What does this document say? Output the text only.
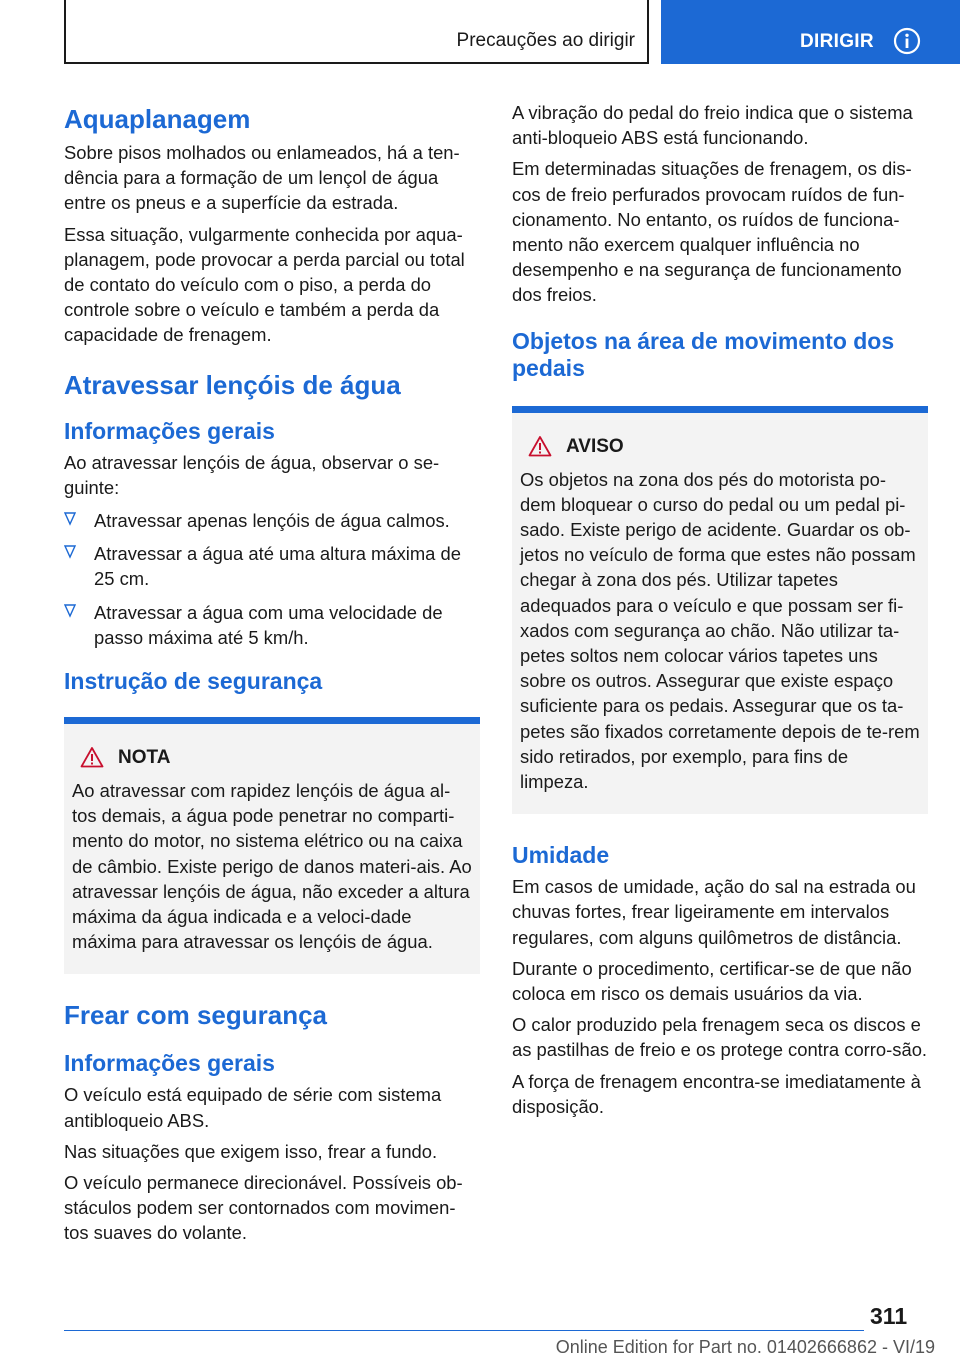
Precauções ao dirigir	DIRIGIR
Aquaplanagem

Sobre pisos molhados ou enlameados, há a ten‐dência para a formação de um lençol de água entre os pneus e a superfície da estrada.

Essa situação, vulgarmente conhecida por aqua‐planagem, pode provocar a perda parcial ou total de contato do veículo com o piso, a perda do controle sobre o veículo e também a perda da capacidade de frenagem.

Atravessar lençóis de água
Informações gerais

Ao atravessar lençóis de água, observar o se‐guinte:

Atravessar apenas lençóis de água calmos.
Atravessar a água até uma altura máxima de 25 cm.
Atravessar a água com uma velocidade de passo máxima até 5 km/h.
Instrução de segurança
NOTA

Ao atravessar com rapidez lençóis de água al‐tos demais, a água pode penetrar no comparti‐mento do motor, no sistema elétrico ou na caixa de câmbio. Existe perigo de danos materi‐ais. Ao atravessar lençóis de água, não exceder a altura máxima da água indicada e a veloci‐dade máxima para atravessar os lençóis de água.

Frear com segurança
Informações gerais

O veículo está equipado de série com sistema antibloqueio ABS.

Nas situações que exigem isso, frear a fundo.

O veículo permanece direcionável. Possíveis ob‐stáculos podem ser contornados com movimen‐tos suaves do volante.

A vibração do pedal do freio indica que o sistema anti-bloqueio ABS está funcionando.

Em determinadas situações de frenagem, os dis‐cos de freio perfurados provocam ruídos de fun‐cionamento. No entanto, os ruídos de funciona‐mento não exercem qualquer influência no desempenho e na segurança de funcionamento dos freios.

Objetos na área de movimento dos pedais
AVISO

Os objetos na zona dos pés do motorista po‐dem bloquear o curso do pedal ou um pedal pi‐sado. Existe perigo de acidente. Guardar os ob‐jetos no veículo de forma que estes não possam chegar à zona dos pés. Utilizar tapetes adequados para o veículo e que possam ser fi‐xados com segurança ao chão. Não utilizar ta‐petes soltos nem colocar vários tapetes uns sobre os outros. Assegurar que existe espaço suficiente para os pedais. Assegurar que os ta‐petes são fixados corretamente depois de te‐rem sido retirados, por exemplo, para fins de limpeza.

Umidade

Em casos de umidade, ação do sal na estrada ou chuvas fortes, frear ligeiramente em intervalos regulares, com alguns quilômetros de distância.

Durante o procedimento, certificar-se de que não coloca em risco os demais usuários da via.

O calor produzido pela frenagem seca os discos e as pastilhas de freio e os protege contra corro‐são.

A força de frenagem encontra-se imediatamente à disposição.

311
Online Edition for Part no. 01402666862 - VI/19
